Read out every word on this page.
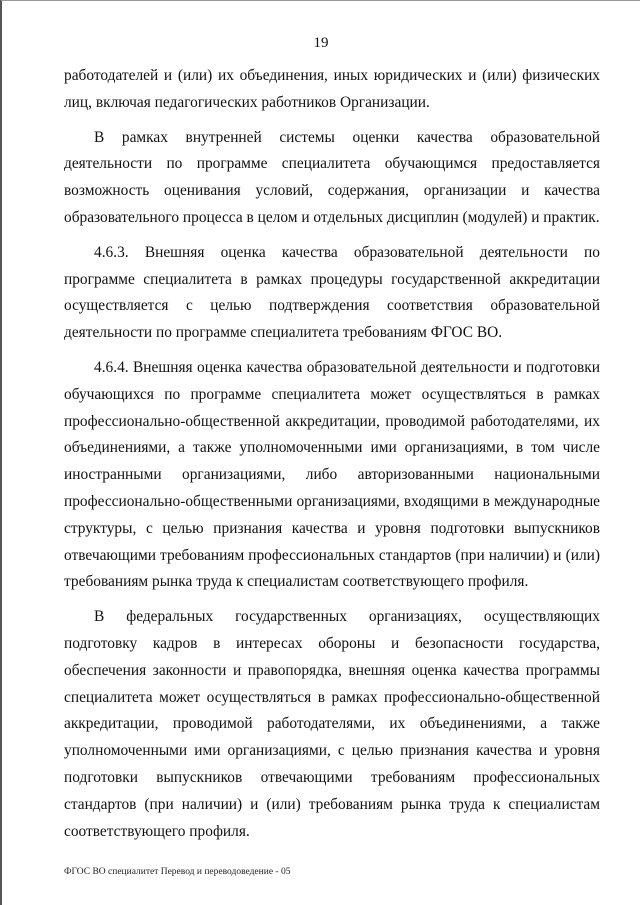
19

работодателей и (или) их объединения, иных юридических и (или) физических лиц, включая педагогических работников Организации.

В рамках внутренней системы оценки качества образовательной деятельности по программе специалитета обучающимся предоставляется возможность оценивания условий, содержания, организации и качества образовательного процесса в целом и отдельных дисциплин (модулей) и практик.

4.6.3. Внешняя оценка качества образовательной деятельности по программе специалитета в рамках процедуры государственной аккредитации осуществляется с целью подтверждения соответствия образовательной деятельности по программе специалитета требованиям ФГОС ВО.

4.6.4. Внешняя оценка качества образовательной деятельности и подготовки обучающихся по программе специалитета может осуществляться в рамках профессионально-общественной аккредитации, проводимой работодателями, их объединениями, а также уполномоченными ими организациями, в том числе иностранными организациями, либо авторизованными национальными профессионально-общественными организациями, входящими в международные структуры, с целью признания качества и уровня подготовки выпускников отвечающими требованиям профессиональных стандартов (при наличии) и (или) требованиям рынка труда к специалистам соответствующего профиля.

В федеральных государственных организациях, осуществляющих подготовку кадров в интересах обороны и безопасности государства, обеспечения законности и правопорядка, внешняя оценка качества программы специалитета может осуществляться в рамках профессионально-общественной аккредитации, проводимой работодателями, их объединениями, а также уполномоченными ими организациями, с целью признания качества и уровня подготовки выпускников отвечающими требованиям профессиональных стандартов (при наличии) и (или) требованиям рынка труда к специалистам соответствующего профиля.

ФГОС ВО специалитет Перевод и переводоведение - 05
